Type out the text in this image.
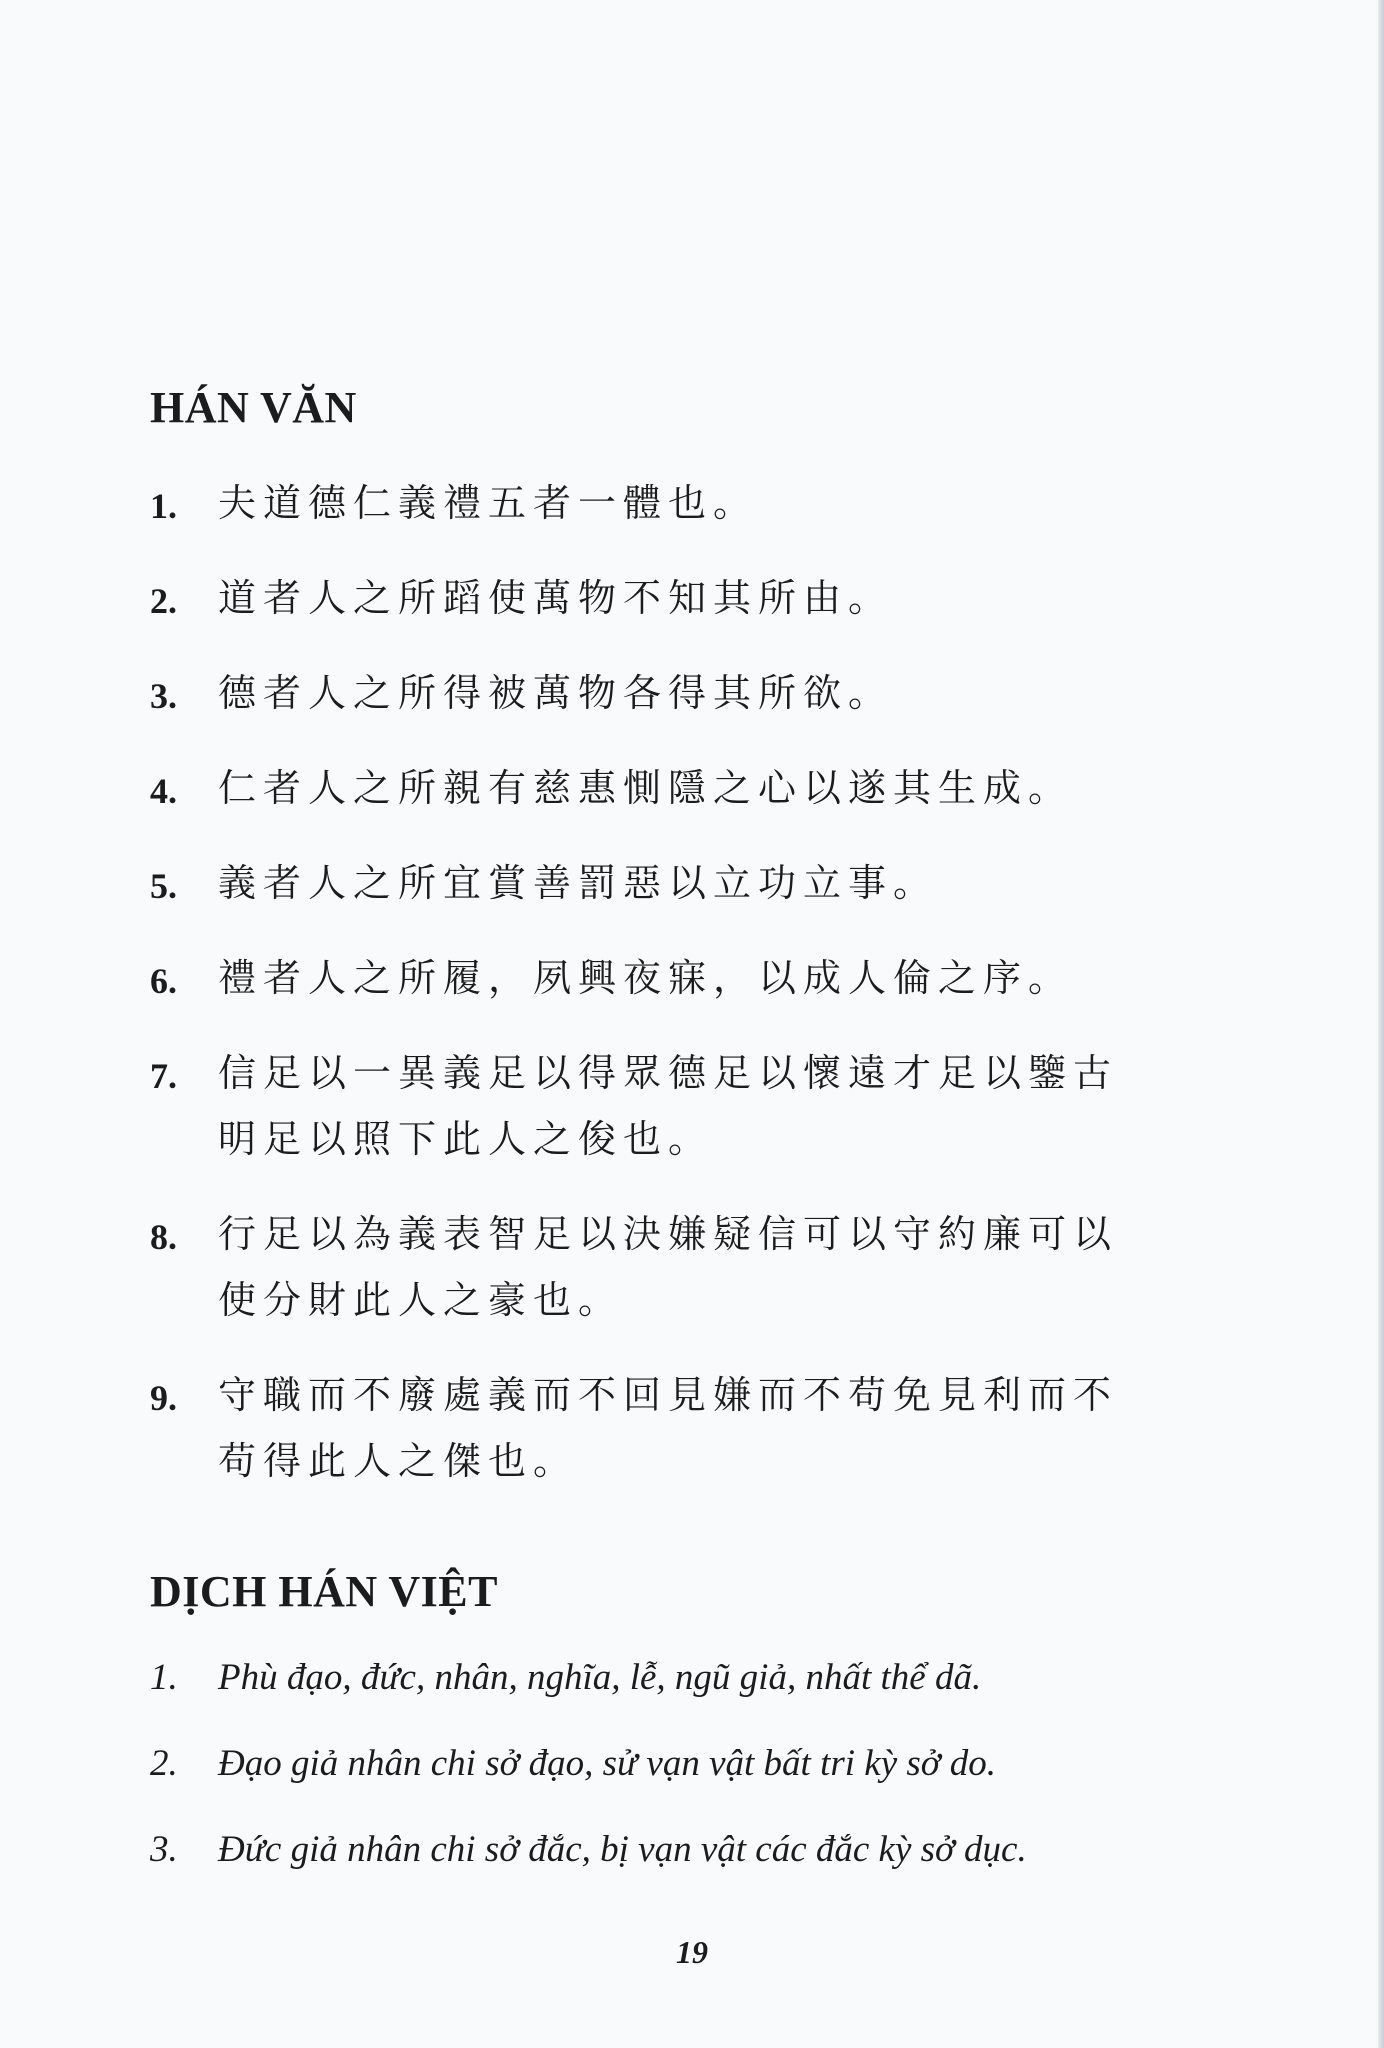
HÁN VĂN
1.	夫道德仁義禮五者一體也。
2.	道者人之所蹈使萬物不知其所由。
3.	德者人之所得被萬物各得其所欲。
4.	仁者人之所親有慈惠惻隱之心以遂其生成。
5.	義者人之所宜賞善罰惡以立功立事。
6.	禮者人之所履，夙興夜寐，以成人倫之序。
7.	信足以一異義足以得眾德足以懷遠才足以鑒古明足以照下此人之俊也。
8.	行足以為義表智足以決嫌疑信可以守約廉可以使分財此人之豪也。
9.	守職而不廢處義而不回見嫌而不苟免見利而不苟得此人之傑也。
DỊCH HÁN VIỆT
1.	Phù đạo, đức, nhân, nghĩa, lễ, ngũ giả, nhất thể dã.
2.	Đạo giả nhân chi sở đạo, sử vạn vật bất tri kỳ sở do.
3.	Đức giả nhân chi sở đắc, bị vạn vật các đắc kỳ sở dục.
19
